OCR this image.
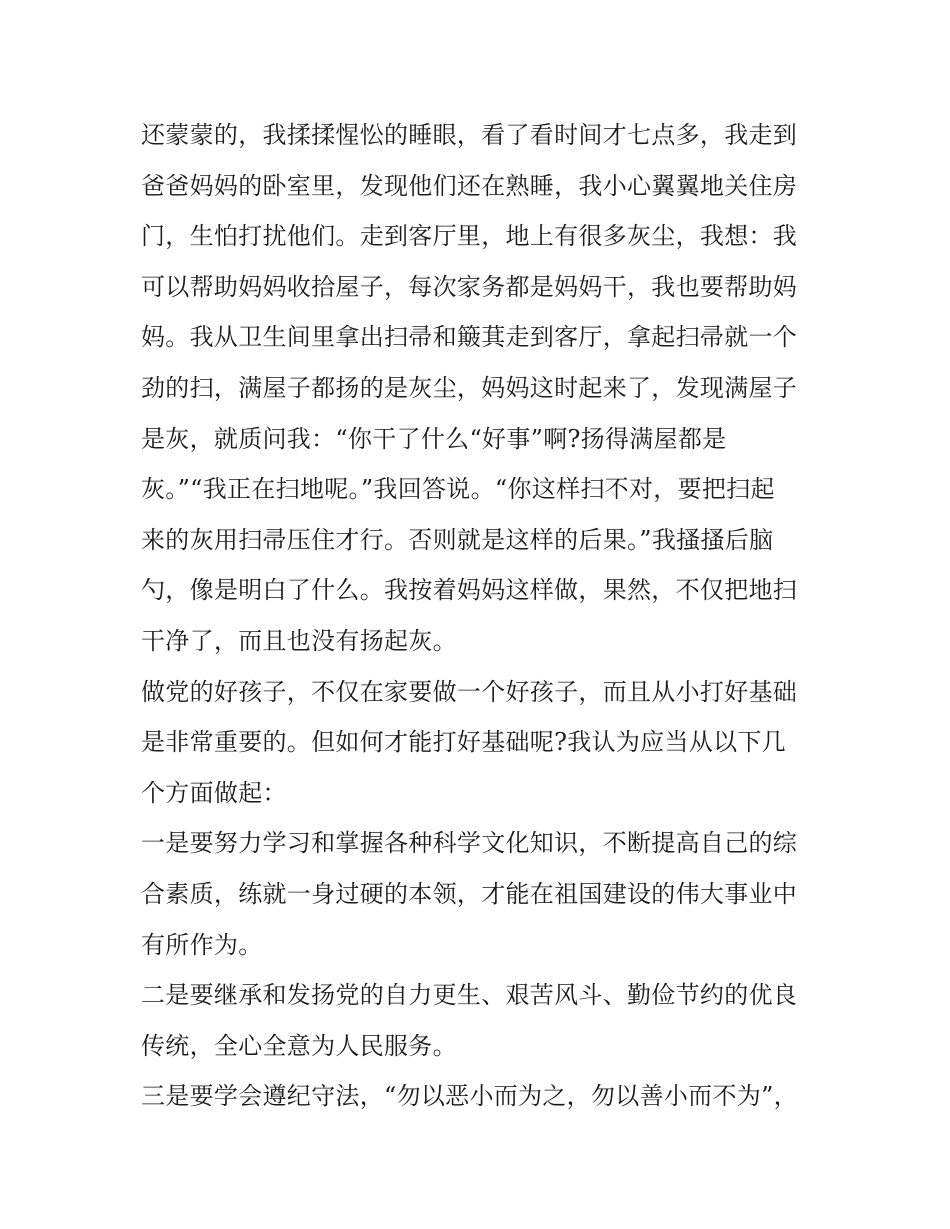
还蒙蒙的，我揉揉惺忪的睡眼，看了看时间才七点多，我走到
爸爸妈妈的卧室里，发现他们还在熟睡，我小心翼翼地关住房
门，生怕打扰他们。走到客厅里，地上有很多灰尘，我想：我
可以帮助妈妈收拾屋子，每次家务都是妈妈干，我也要帮助妈
妈。我从卫生间里拿出扫帚和簸萁走到客厅，拿起扫帚就一个
劲的扫，满屋子都扬的是灰尘，妈妈这时起来了，发现满屋子
是灰，就质问我：“你干了什么“好事”啊?扬得满屋都是
灰。”“我正在扫地呢。”我回答说。“你这样扫不对，要把扫起
来的灰用扫帚压住才行。否则就是这样的后果。”我搔搔后脑
勺，像是明白了什么。我按着妈妈这样做，果然，不仅把地扫
干净了，而且也没有扬起灰。
做党的好孩子，不仅在家要做一个好孩子，而且从小打好基础
是非常重要的。但如何才能打好基础呢?我认为应当从以下几
个方面做起：
一是要努力学习和掌握各种科学文化知识，不断提高自己的综
合素质，练就一身过硬的本领，才能在祖国建设的伟大事业中
有所作为。
二是要继承和发扬党的自力更生、艰苦风斗、勤俭节约的优良
传统，全心全意为人民服务。
三是要学会遵纪守法，“勿以恶小而为之，勿以善小而不为”，
